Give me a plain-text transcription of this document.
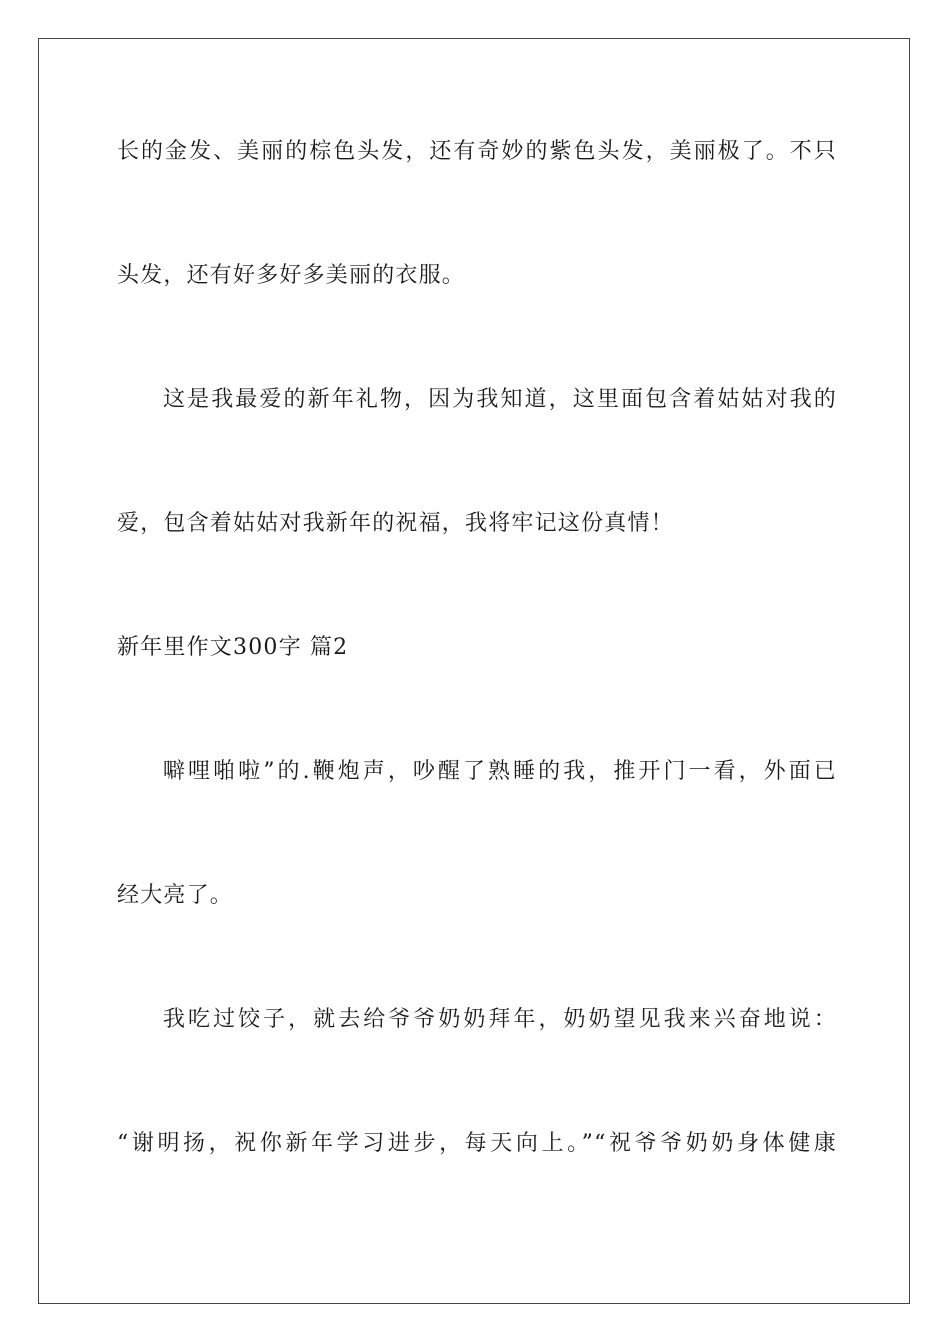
长的金发、美丽的棕色头发，还有奇妙的紫色头发，美丽极了。不只
头发，还有好多好多美丽的衣服。
这是我最爱的新年礼物，因为我知道，这里面包含着姑姑对我的
爱，包含着姑姑对我新年的祝福，我将牢记这份真情！
新年里作文300字 篇2
噼哩啪啦”的.鞭炮声，吵醒了熟睡的我，推开门一看，外面已
经大亮了。
我吃过饺子，就去给爷爷奶奶拜年，奶奶望见我来兴奋地说：
“谢明扬，祝你新年学习进步，每天向上。”“祝爷爷奶奶身体健康
